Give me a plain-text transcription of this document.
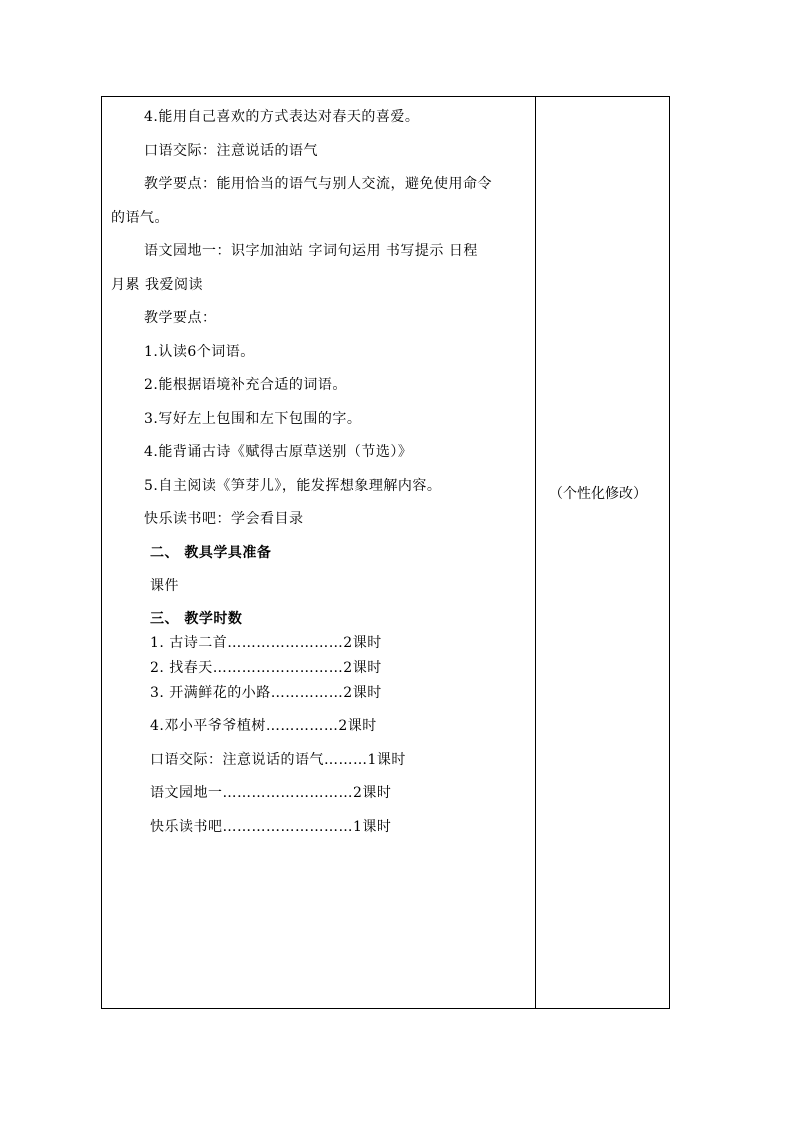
4.能用自己喜欢的方式表达对春天的喜爱。
口语交际：注意说话的语气
教学要点：能用恰当的语气与别人交流，避免使用命令
的语气。
语文园地一：识字加油站 字词句运用 书写提示 日程
月累 我爱阅读
教学要点：
1.认读6个词语。
2.能根据语境补充合适的词语。
3.写好左上包围和左下包围的字。
4.能背诵古诗《赋得古原草送别（节选）》
5.自主阅读《笋芽儿》，能发挥想象理解内容。
快乐读书吧：学会看目录
二、 教具学具准备
课件
三、 教学时数
1. 古诗二首……………………2课时
2. 找春天………………………2课时
3. 开满鲜花的小路……………2课时
4.邓小平爷爷植树……………2课时
口语交际：注意说话的语气………1课时
语文园地一………………………2课时
快乐读书吧………………………1课时
（个性化修改）
